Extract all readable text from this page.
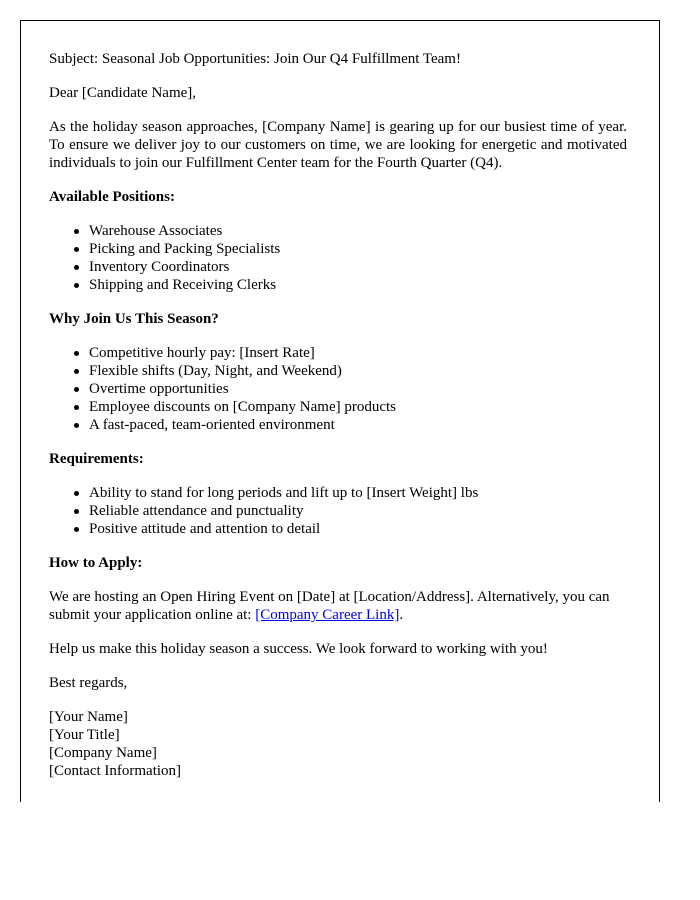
Subject: Seasonal Job Opportunities: Join Our Q4 Fulfillment Team!

Dear [Candidate Name],

As the holiday season approaches, [Company Name] is gearing up for our busiest time of year. To ensure we deliver joy to our customers on time, we are looking for energetic and motivated individuals to join our Fulfillment Center team for the Fourth Quarter (Q4).

Available Positions:
Warehouse Associates
Picking and Packing Specialists
Inventory Coordinators
Shipping and Receiving Clerks
Why Join Us This Season?
Competitive hourly pay: [Insert Rate]
Flexible shifts (Day, Night, and Weekend)
Overtime opportunities
Employee discounts on [Company Name] products
A fast-paced, team-oriented environment
Requirements:
Ability to stand for long periods and lift up to [Insert Weight] lbs
Reliable attendance and punctuality
Positive attitude and attention to detail
How to Apply:

We are hosting an Open Hiring Event on [Date] at [Location/Address]. Alternatively, you can submit your application online at: [Company Career Link].

Help us make this holiday season a success. We look forward to working with you!

Best regards,

[Your Name]
[Your Title]
[Company Name]
[Contact Information]
